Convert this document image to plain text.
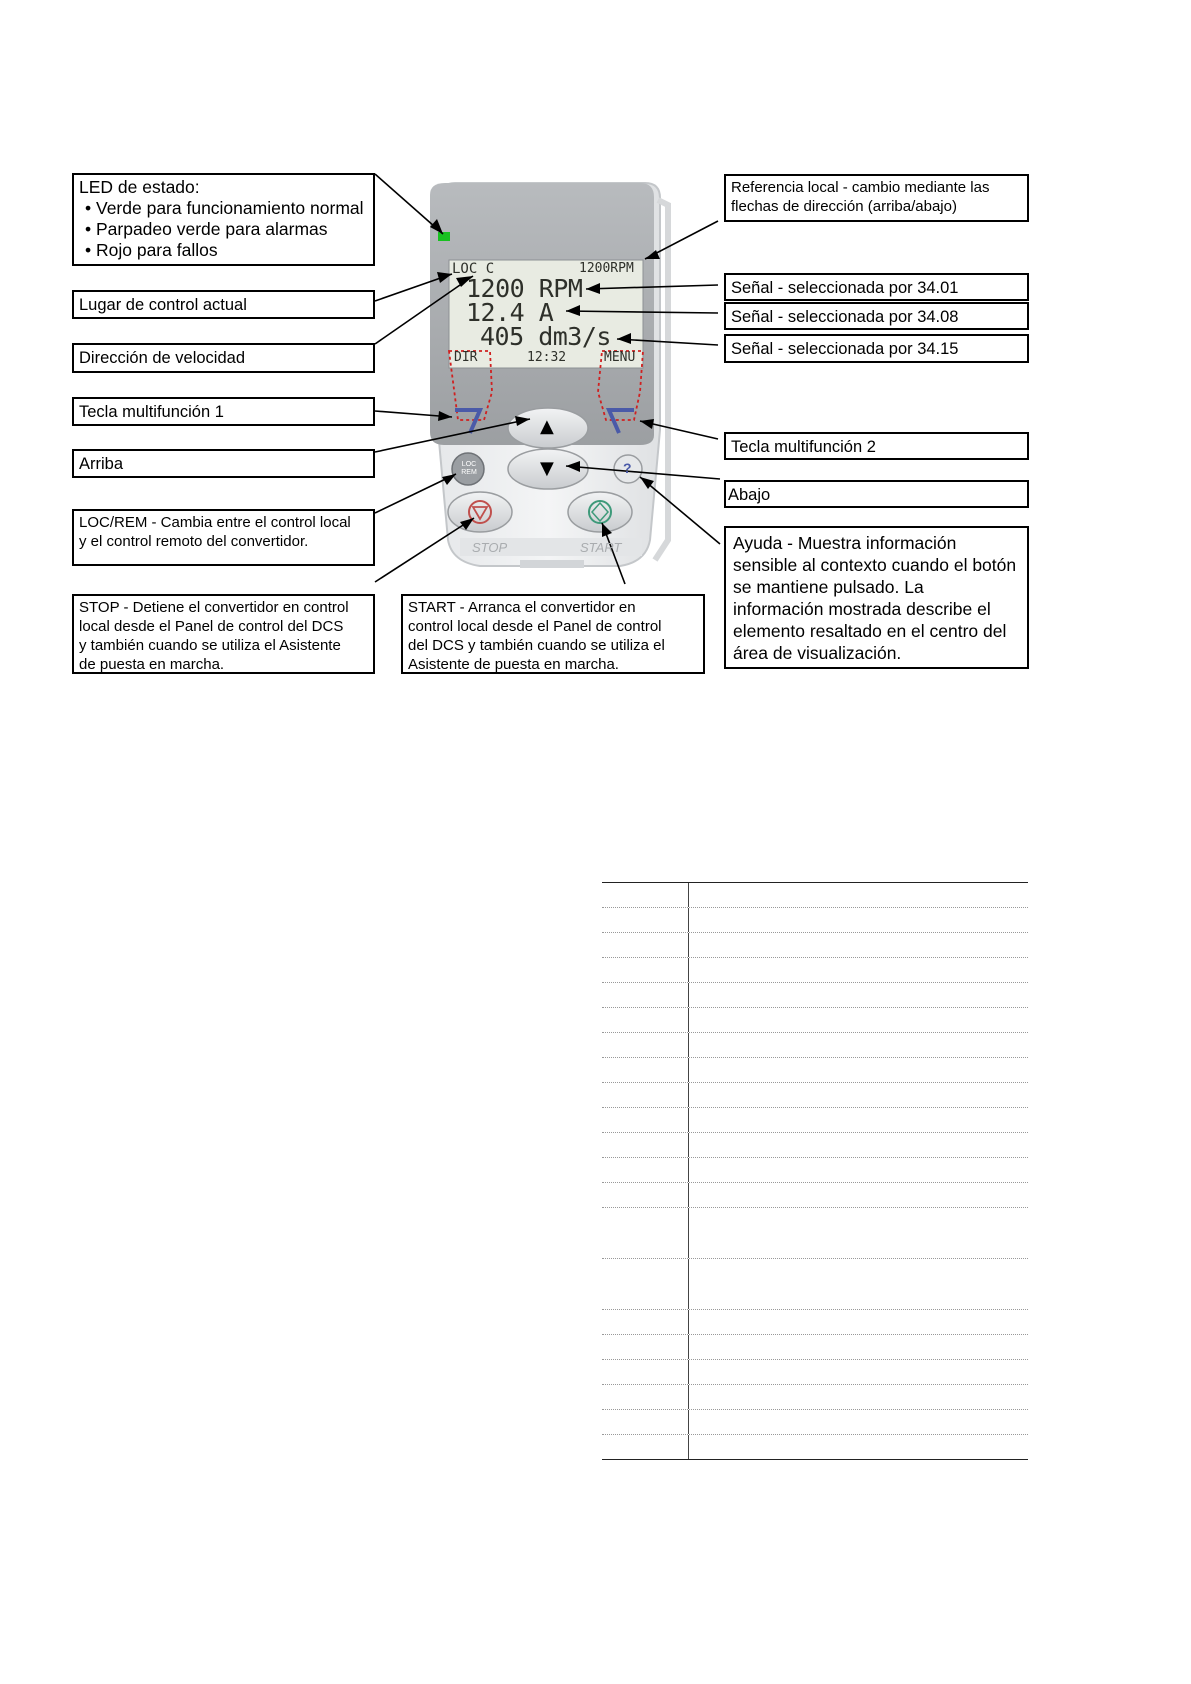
LOC C	1200RPM
1200 RPM
12.4 A
405 dm3/s
DIR	12:32	MENU
▲
▼
LOC REM	?
STOP	START
LED de estado:
• Verde para funcionamiento normal
• Parpadeo verde para alarmas
• Rojo para fallos
Lugar de control actual
Dirección de velocidad
Tecla multifunción 1
Arriba
LOC/REM - Cambia entre el control local
y el control remoto del convertidor.
STOP - Detiene el convertidor en control
local desde el Panel de control del DCS
y también cuando se utiliza el Asistente
de puesta en marcha.
START - Arranca el convertidor en
control local desde el Panel de control
del DCS y también cuando se utiliza el
Asistente de puesta en marcha.
Referencia local - cambio mediante las
flechas de dirección (arriba/abajo)
Señal - seleccionada por 34.01
Señal - seleccionada por 34.08
Señal - seleccionada por 34.15
Tecla multifunción 2
Abajo
Ayuda - Muestra información
sensible al contexto cuando el botón
se mantiene pulsado. La
información mostrada describe el
elemento resaltado en el centro del
área de visualización.
